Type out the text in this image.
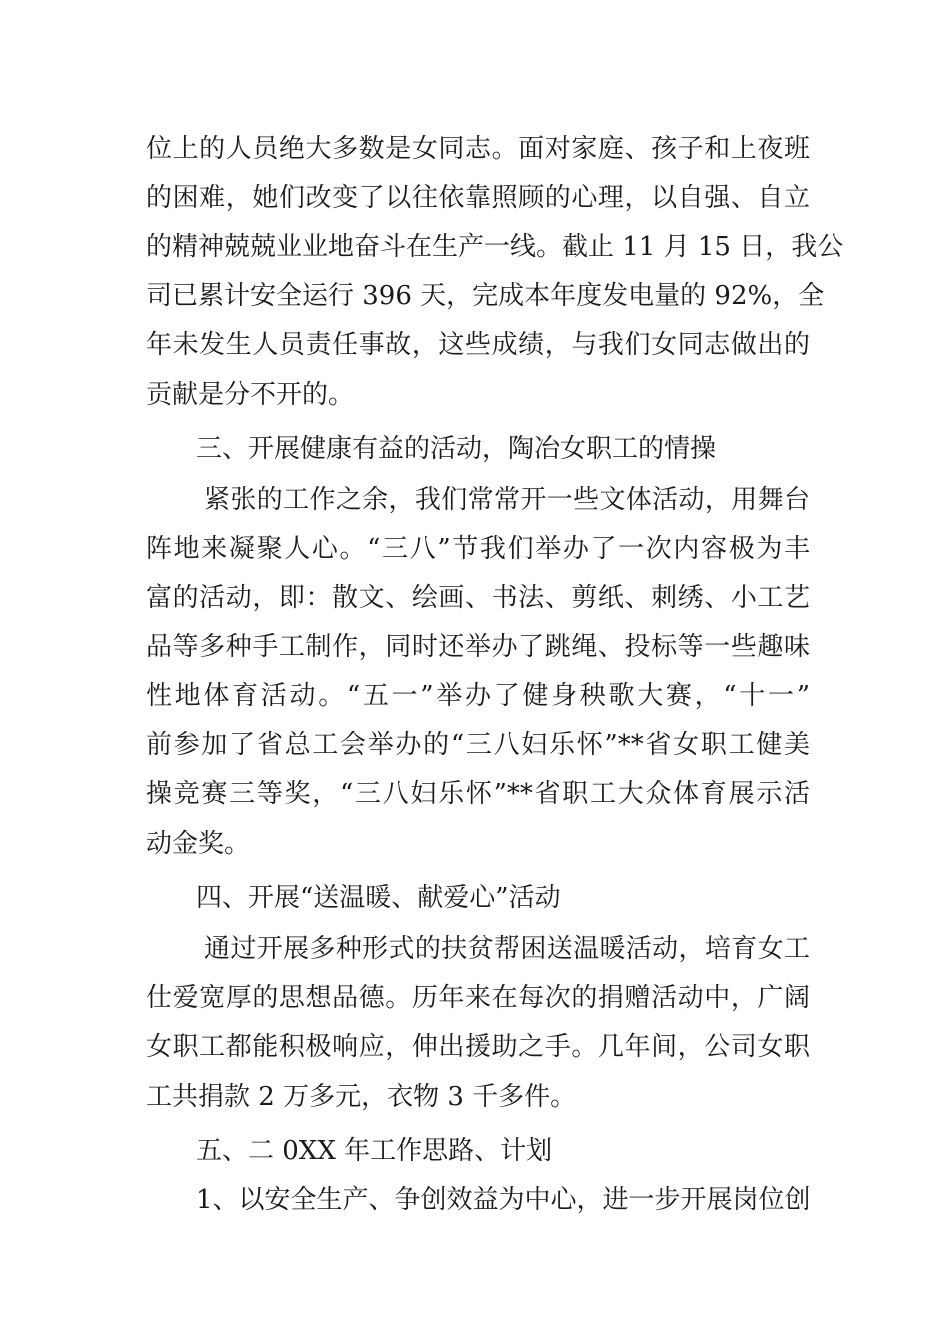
位上的人员绝大多数是女同志。面对家庭、孩子和上夜班
的困难，她们改变了以往依靠照顾的心理，以自强、自立
的精神兢兢业业地奋斗在生产一线。截止 11 月 15 日，我公
司已累计安全运行 396 天，完成本年度发电量的 92%，全
年未发生人员责任事故，这些成绩，与我们女同志做出的
贡献是分不开的。
三、开展健康有益的活动，陶冶女职工的情操
紧张的工作之余，我们常常开一些文体活动，用舞台
阵地来凝聚人心。“三八”节我们举办了一次内容极为丰
富的活动，即：散文、绘画、书法、剪纸、刺绣、小工艺
品等多种手工制作，同时还举办了跳绳、投标等一些趣味
性地体育活动。“五一”举办了健身秧歌大赛，“十一”
前参加了省总工会举办的“三八妇乐怀”**省女职工健美
操竞赛三等奖，“三八妇乐怀”**省职工大众体育展示活
动金奖。
四、开展“送温暖、献爱心”活动
通过开展多种形式的扶贫帮困送温暖活动，培育女工
仕爱宽厚的思想品德。历年来在每次的捐赠活动中，广阔
女职工都能积极响应，伸出援助之手。几年间，公司女职
工共捐款 2 万多元，衣物 3 千多件。
五、二 0XX 年工作思路、计划
1、以安全生产、争创效益为中心，进一步开展岗位创
